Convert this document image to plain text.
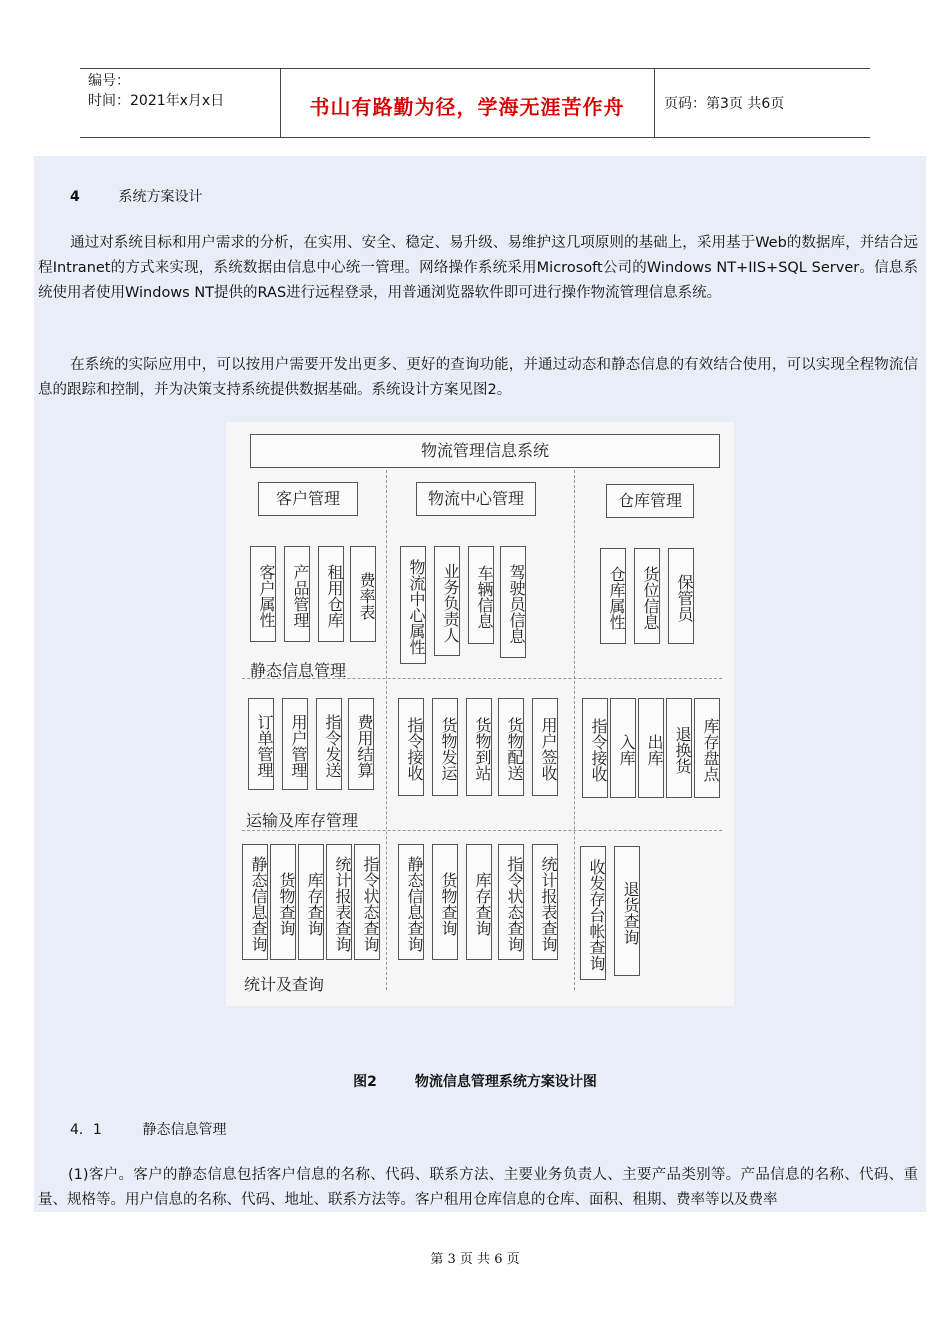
编号：
时间：2021年x月x日	书山有路勤为径，学海无涯苦作舟	页码：第3页 共6页
4	系统方案设计
通过对系统目标和用户需求的分析，在实用、安全、稳定、易升级、易维护这几项原则的基础上，采用基于Web的数据库，并结合远程Intranet的方式来实现，系统数据由信息中心统一管理。网络操作系统采用Microsoft公司的Windows NT+IIS+SQL Server。信息系统使用者使用Windows NT提供的RAS进行远程登录，用普通浏览器软件即可进行操作物流管理信息系统。
在系统的实际应用中，可以按用户需要开发出更多、更好的查询功能，并通过动态和静态信息的有效结合使用，可以实现全程物流信息的跟踪和控制，并为决策支持系统提供数据基础。系统设计方案见图2。
物流管理信息系统
客户管理	物流中心管理	仓库管理
客户属性 产品管理 租用仓库 费率表	物流中心属性 业务负责人 车辆信息 驾驶员信息	仓库属性 货位信息 保管员
静态信息管理
订单管理 用户管理 指令发送 费用结算	指令接收 货物发运 货物到站 货物配送 用户签收	指令接收 入库 出库 退换货 库存盘点
运输及库存管理
静态信息查询 货物查询 库存查询 统计报表查询 指令状态查询	静态信息查询 货物查询 库存查询 指令状态查询 统计报表查询	收发存台帐查询 退货查询
统计及查询
图2	物流信息管理系统方案设计图
4．1	静态信息管理
(1)客户。客户的静态信息包括客户信息的名称、代码、联系方法、主要业务负责人、主要产品类别等。产品信息的名称、代码、重量、规格等。用户信息的名称、代码、地址、联系方法等。客户租用仓库信息的仓库、面积、租期、费率等以及费率
第 3 页 共 6 页
